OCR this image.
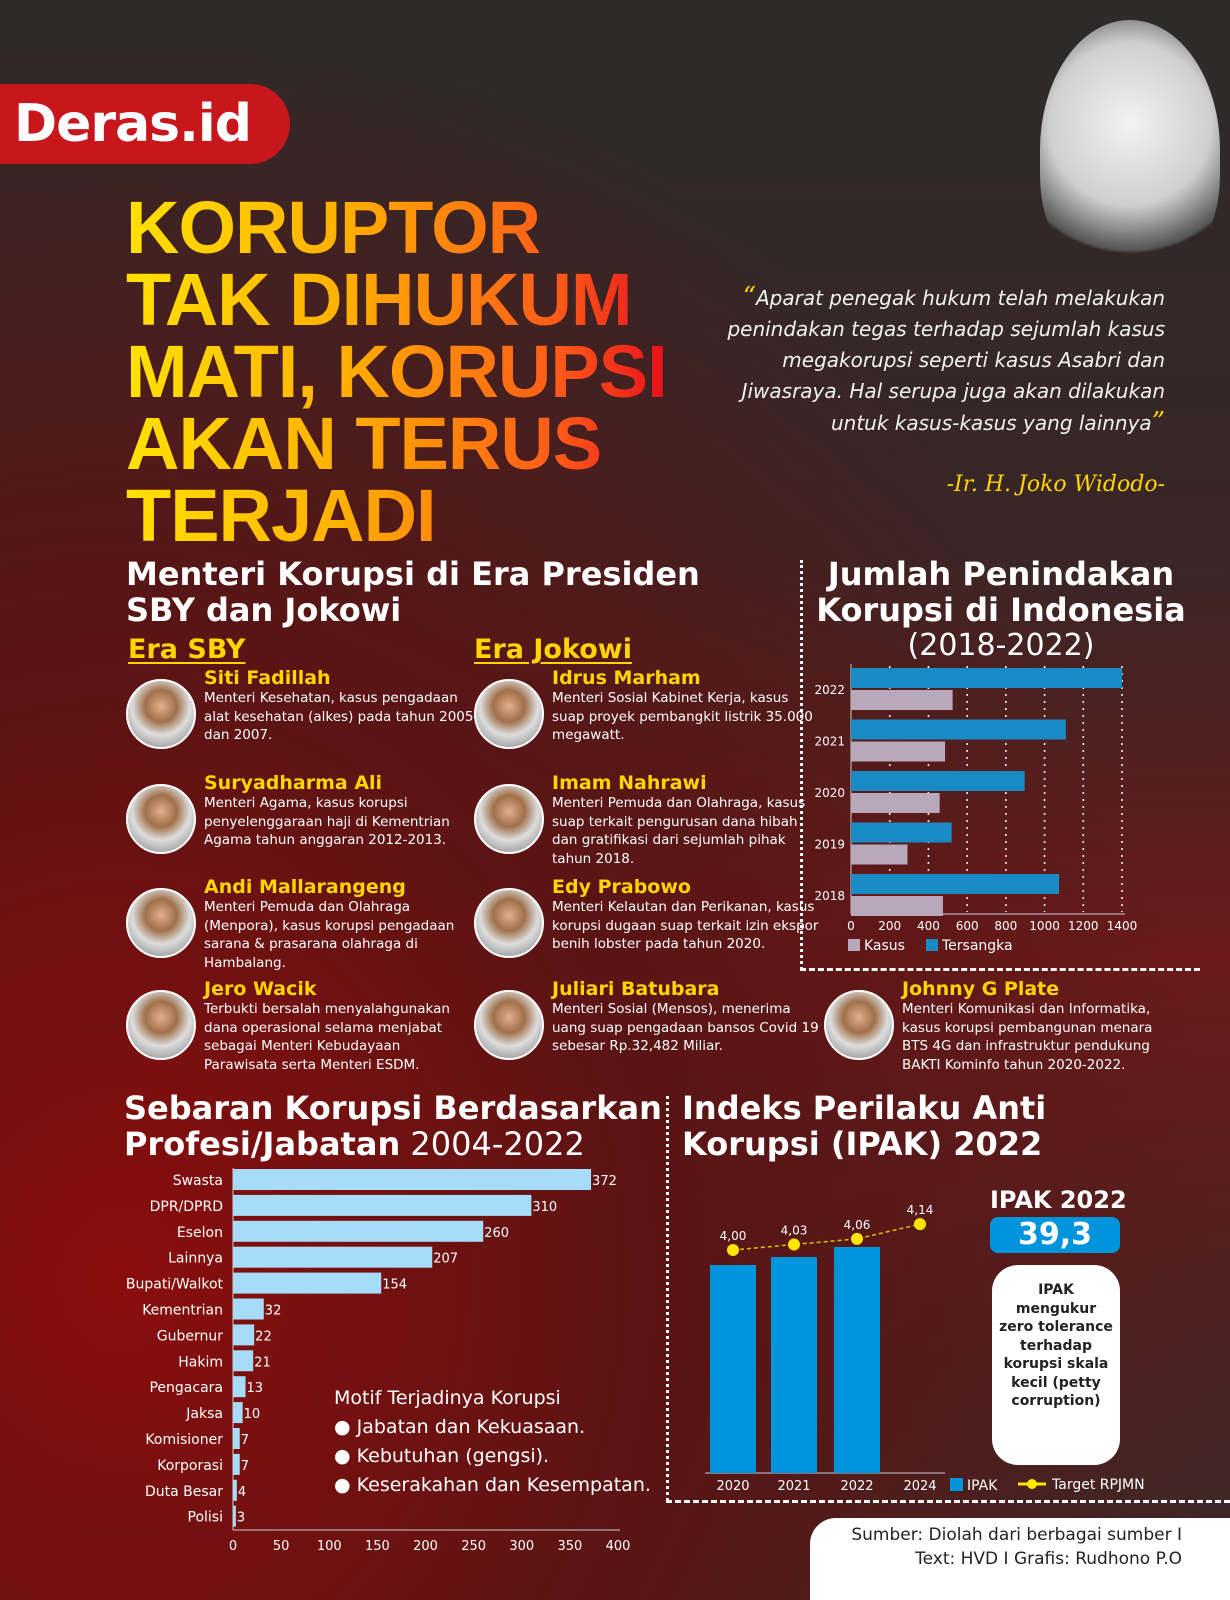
Deras.id
KORUPTOR
TAK DIHUKUM
MATI, KORUPSI
AKAN TERUS
TERJADI
“Aparat penegak hukum telah melakukan penindakan tegas terhadap sejumlah kasus megakorupsi seperti kasus Asabri dan Jiwasraya. Hal serupa juga akan dilakukan untuk kasus-kasus yang lainnya”
-Ir. H. Joko Widodo-
Menteri Korupsi di Era Presiden
SBY dan Jokowi
Era SBY	Era Jokowi
Siti Fadillah
Menteri Kesehatan, kasus pengadaan alat kesehatan (alkes) pada tahun 2005 dan 2007.
Suryadharma Ali
Menteri Agama, kasus korupsi penyelenggaraan haji di Kementrian Agama tahun anggaran 2012-2013.
Andi Mallarangeng
Menteri Pemuda dan Olahraga (Menpora), kasus korupsi pengadaan sarana & prasarana olahraga di Hambalang.
Jero Wacik
Terbukti bersalah menyalahgunakan dana operasional selama menjabat sebagai Menteri Kebudayaan Parawisata serta Menteri ESDM.
Idrus Marham
Menteri Sosial Kabinet Kerja, kasus suap proyek pembangkit listrik 35.000 megawatt.
Imam Nahrawi
Menteri Pemuda dan Olahraga, kasus suap terkait pengurusan dana hibah dan gratifikasi dari sejumlah pihak tahun 2018.
Edy Prabowo
Menteri Kelautan dan Perikanan, kasus korupsi dugaan suap terkait izin ekspor benih lobster pada tahun 2020.
Juliari Batubara
Menteri Sosial (Mensos), menerima uang suap pengadaan bansos Covid 19 sebesar Rp.32,482 Miliar.
Johnny G Plate
Menteri Komunikasi dan Informatika, kasus korupsi pembangunan menara BTS 4G dan infrastruktur pendukung BAKTI Kominfo tahun 2020-2022.
Jumlah Penindakan Korupsi di Indonesia
(2018-2022)
0 200 400 600 800 1000 1200 1400
2022
2021
2020
2019
2018
Kasus	Tersangka
0	50 100 150 200 250 300 350 400
Swasta	372
DPR/DPRD	310
Eselon	260
Lainnya	207
Bupati/Walkot	154
Kementrian	32
Gubernur 22
Hakim 21
Pengacara 13
Jaksa 10
Komisioner 7
Korporasi 7
Duta Besar 4
Polisi 3
2020 2021 2022 2024
4,00	4,03	4,06
4,14
IPAK	Target RPJMN
Sebaran Korupsi Berdasarkan
Profesi/Jabatan 2004-2022
Motif Terjadinya Korupsi
● Jabatan dan Kekuasaan.
● Kebutuhan (gengsi).
● Keserakahan dan Kesempatan.
Indeks Perilaku Anti
Korupsi (IPAK) 2022
IPAK 2022
39,3
IPAK mengukur zero tolerance terhadap korupsi skala kecil (petty corruption)
Sumber: Diolah dari berbagai sumber I
Text: HVD I Grafis: Rudhono P.O
